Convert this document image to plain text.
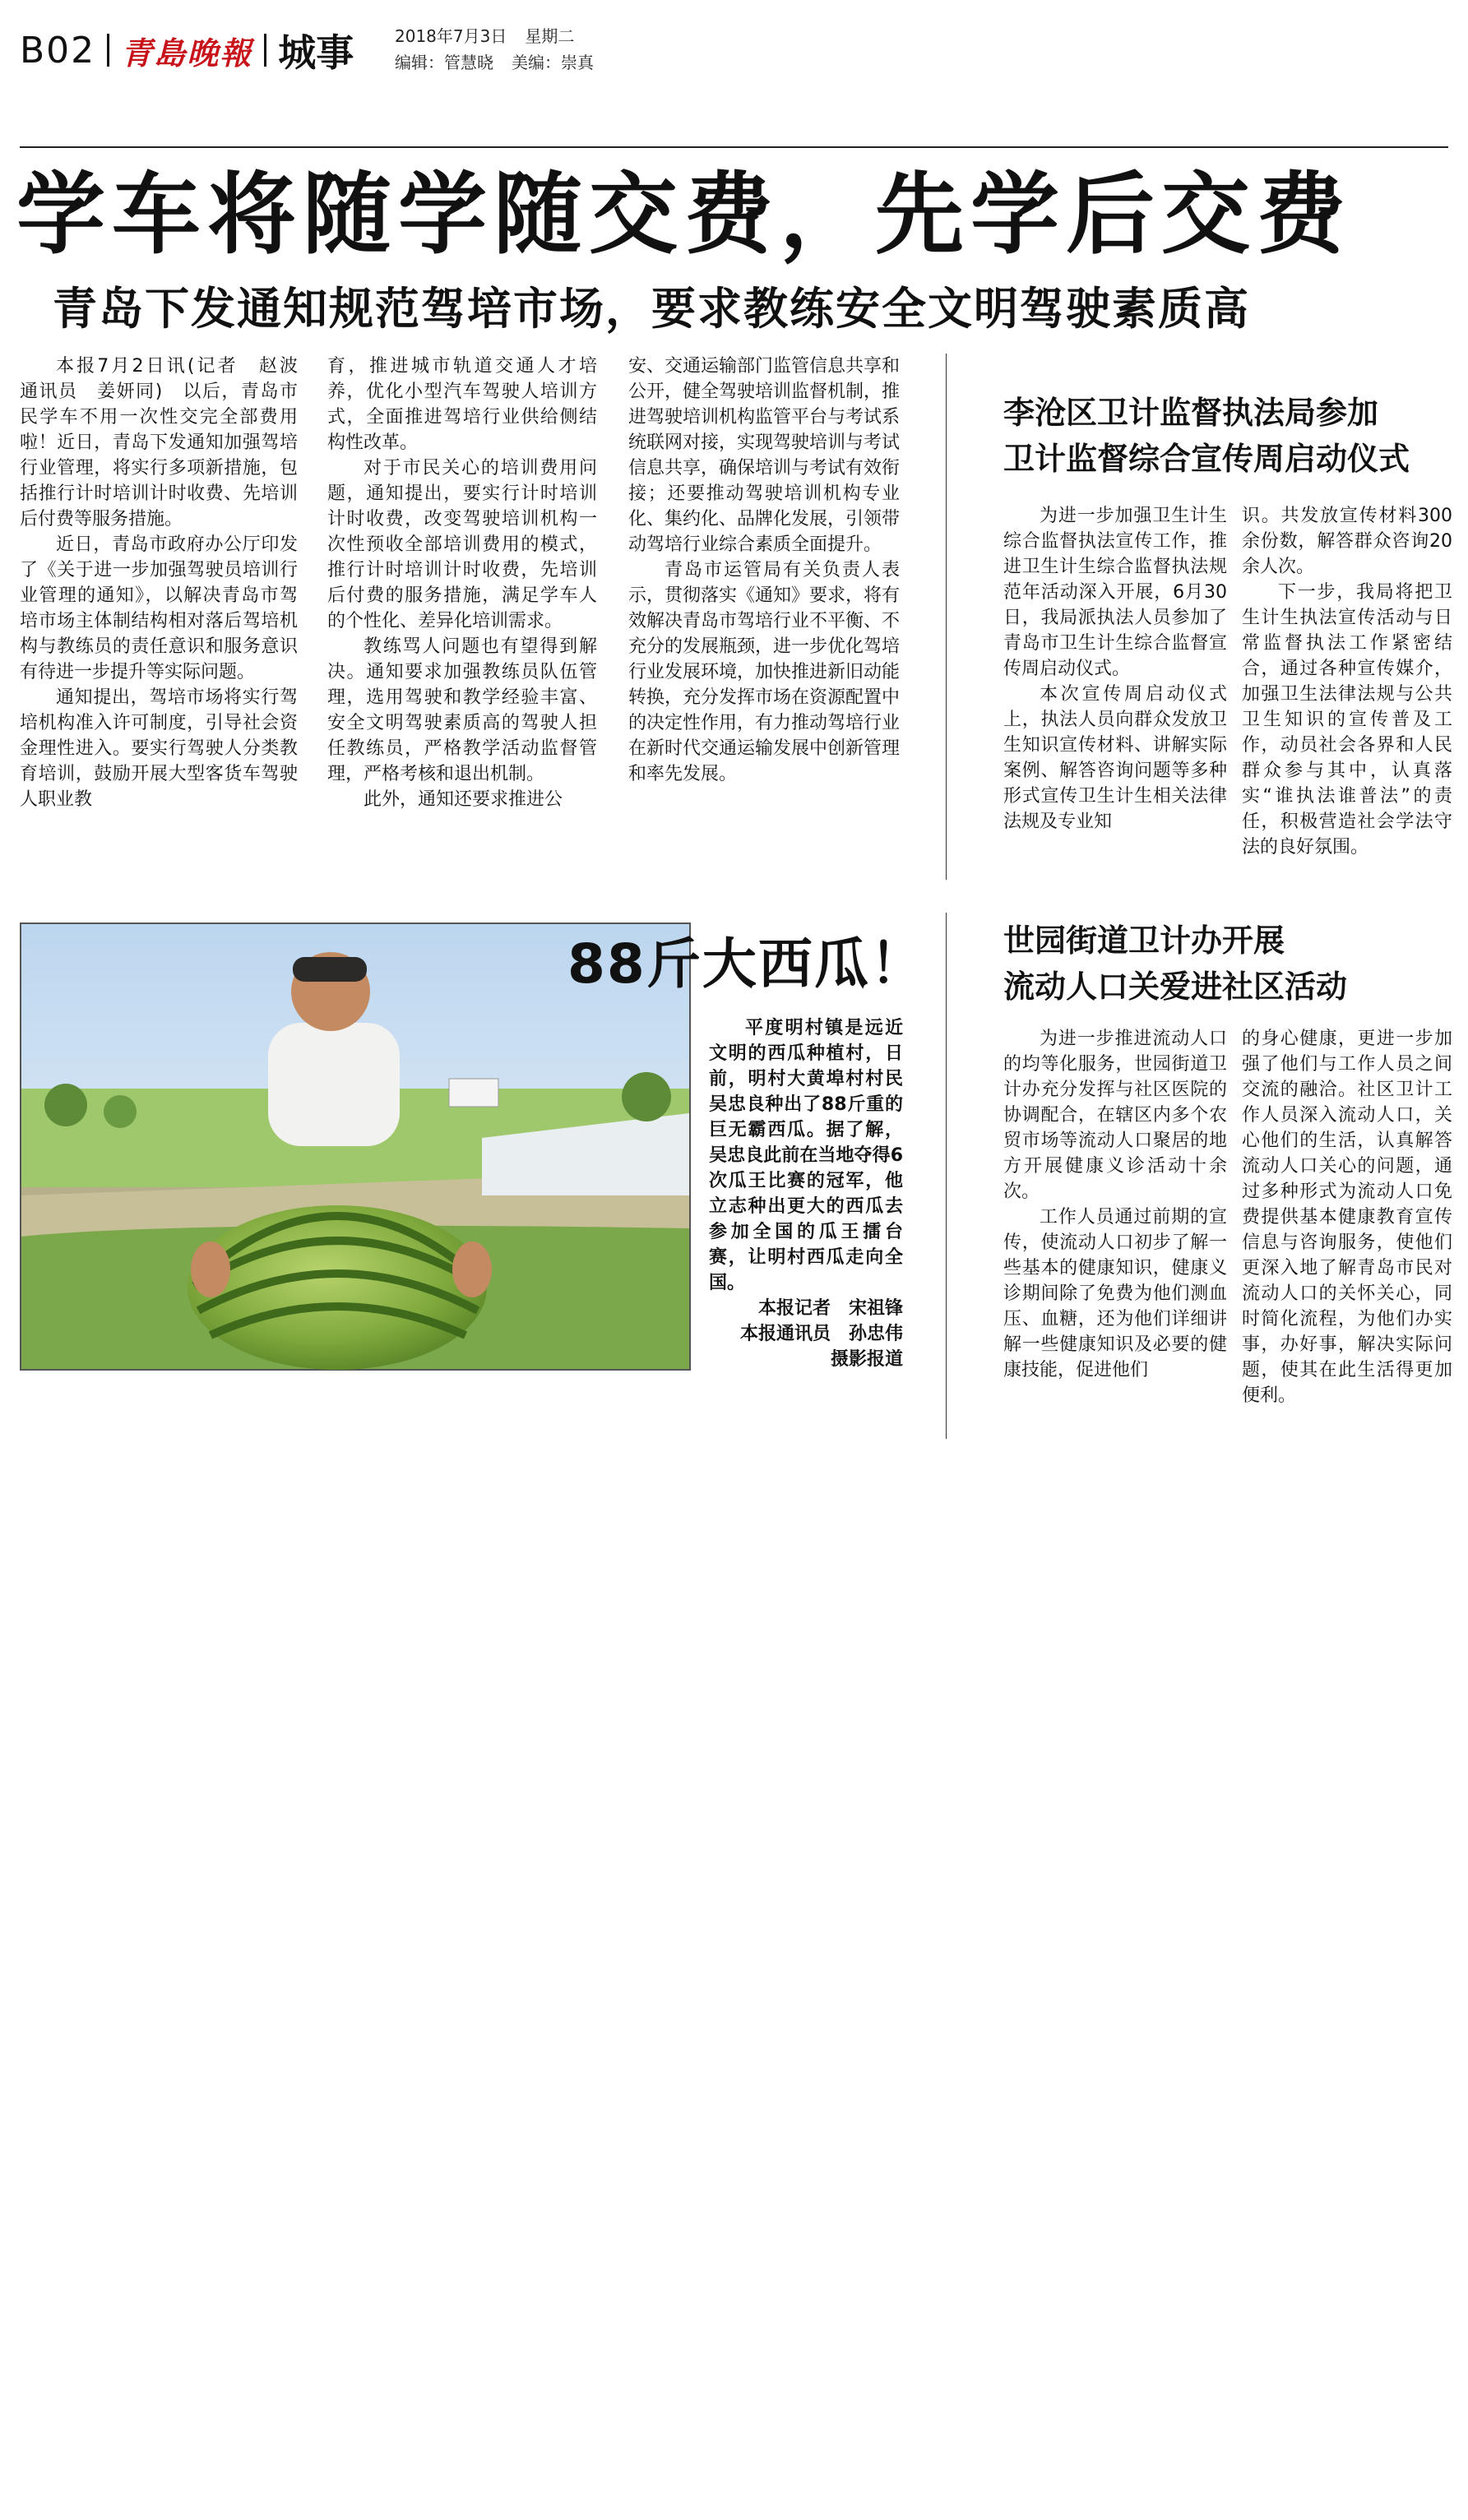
B02 青島晚報 城事 2018年7月3日 星期二
编辑：管慧晓 美编：崇真
学车将随学随交费，先学后交费
青岛下发通知规范驾培市场，要求教练安全文明驾驶素质高

本报7月2日讯(记者　赵波　通讯员　姜妍同)　以后，青岛市民学车不用一次性交完全部费用啦！近日，青岛下发通知加强驾培行业管理，将实行多项新措施，包括推行计时培训计时收费、先培训后付费等服务措施。

近日，青岛市政府办公厅印发了《关于进一步加强驾驶员培训行业管理的通知》，以解决青岛市驾培市场主体制结构相对落后驾培机构与教练员的责任意识和服务意识有待进一步提升等实际问题。

通知提出，驾培市场将实行驾培机构准入许可制度，引导社会资金理性进入。要实行驾驶人分类教育培训，鼓励开展大型客货车驾驶人职业教

育，推进城市轨道交通人才培养，优化小型汽车驾驶人培训方式，全面推进驾培行业供给侧结构性改革。

对于市民关心的培训费用问题，通知提出，要实行计时培训计时收费，改变驾驶培训机构一次性预收全部培训费用的模式，推行计时培训计时收费，先培训后付费的服务措施，满足学车人的个性化、差异化培训需求。

教练骂人问题也有望得到解决。通知要求加强教练员队伍管理，选用驾驶和教学经验丰富、安全文明驾驶素质高的驾驶人担任教练员，严格教学活动监督管理，严格考核和退出机制。

此外，通知还要求推进公

安、交通运输部门监管信息共享和公开，健全驾驶培训监督机制，推进驾驶培训机构监管平台与考试系统联网对接，实现驾驶培训与考试信息共享，确保培训与考试有效衔接；还要推动驾驶培训机构专业化、集约化、品牌化发展，引领带动驾培行业综合素质全面提升。

青岛市运管局有关负责人表示，贯彻落实《通知》要求，将有效解决青岛市驾培行业不平衡、不充分的发展瓶颈，进一步优化驾培行业发展环境，加快推进新旧动能转换，充分发挥市场在资源配置中的决定性作用，有力推动驾培行业在新时代交通运输发展中创新管理和率先发展。

李沧区卫计监督执法局参加
卫计监督综合宣传周启动仪式

为进一步加强卫生计生综合监督执法宣传工作，推进卫生计生综合监督执法规范年活动深入开展，6月30日，我局派执法人员参加了青岛市卫生计生综合监督宣传周启动仪式。

本次宣传周启动仪式上，执法人员向群众发放卫生知识宣传材料、讲解实际案例、解答咨询问题等多种形式宣传卫生计生相关法律法规及专业知

识。共发放宣传材料300余份数，解答群众咨询20余人次。

下一步，我局将把卫生计生执法宣传活动与日常监督执法工作紧密结合，通过各种宣传媒介，加强卫生法律法规与公共卫生知识的宣传普及工作，动员社会各界和人民群众参与其中，认真落实“谁执法谁普法”的责任，积极营造社会学法守法的良好氛围。

世园街道卫计办开展
流动人口关爱进社区活动

为进一步推进流动人口的均等化服务，世园街道卫计办充分发挥与社区医院的协调配合，在辖区内多个农贸市场等流动人口聚居的地方开展健康义诊活动十余次。

工作人员通过前期的宣传，使流动人口初步了解一些基本的健康知识，健康义诊期间除了免费为他们测血压、血糖，还为他们详细讲解一些健康知识及必要的健康技能，促进他们

的身心健康，更进一步加强了他们与工作人员之间交流的融洽。社区卫计工作人员深入流动人口，关心他们的生活，认真解答流动人口关心的问题，通过多种形式为流动人口免费提供基本健康教育宣传信息与咨询服务，使他们更深入地了解青岛市民对流动人口的关怀关心，同时简化流程，为他们办实事，办好事，解决实际问题，使其在此生活得更加便利。

88斤大西瓜！

平度明村镇是远近文明的西瓜种植村，日前，明村大黄埠村村民吴忠良种出了88斤重的巨无霸西瓜。据了解，吴忠良此前在当地夺得6次瓜王比赛的冠军，他立志种出更大的西瓜去参加全国的瓜王擂台赛，让明村西瓜走向全国。

本报记者　宋祖锋
本报通讯员　孙忠伟
摄影报道
